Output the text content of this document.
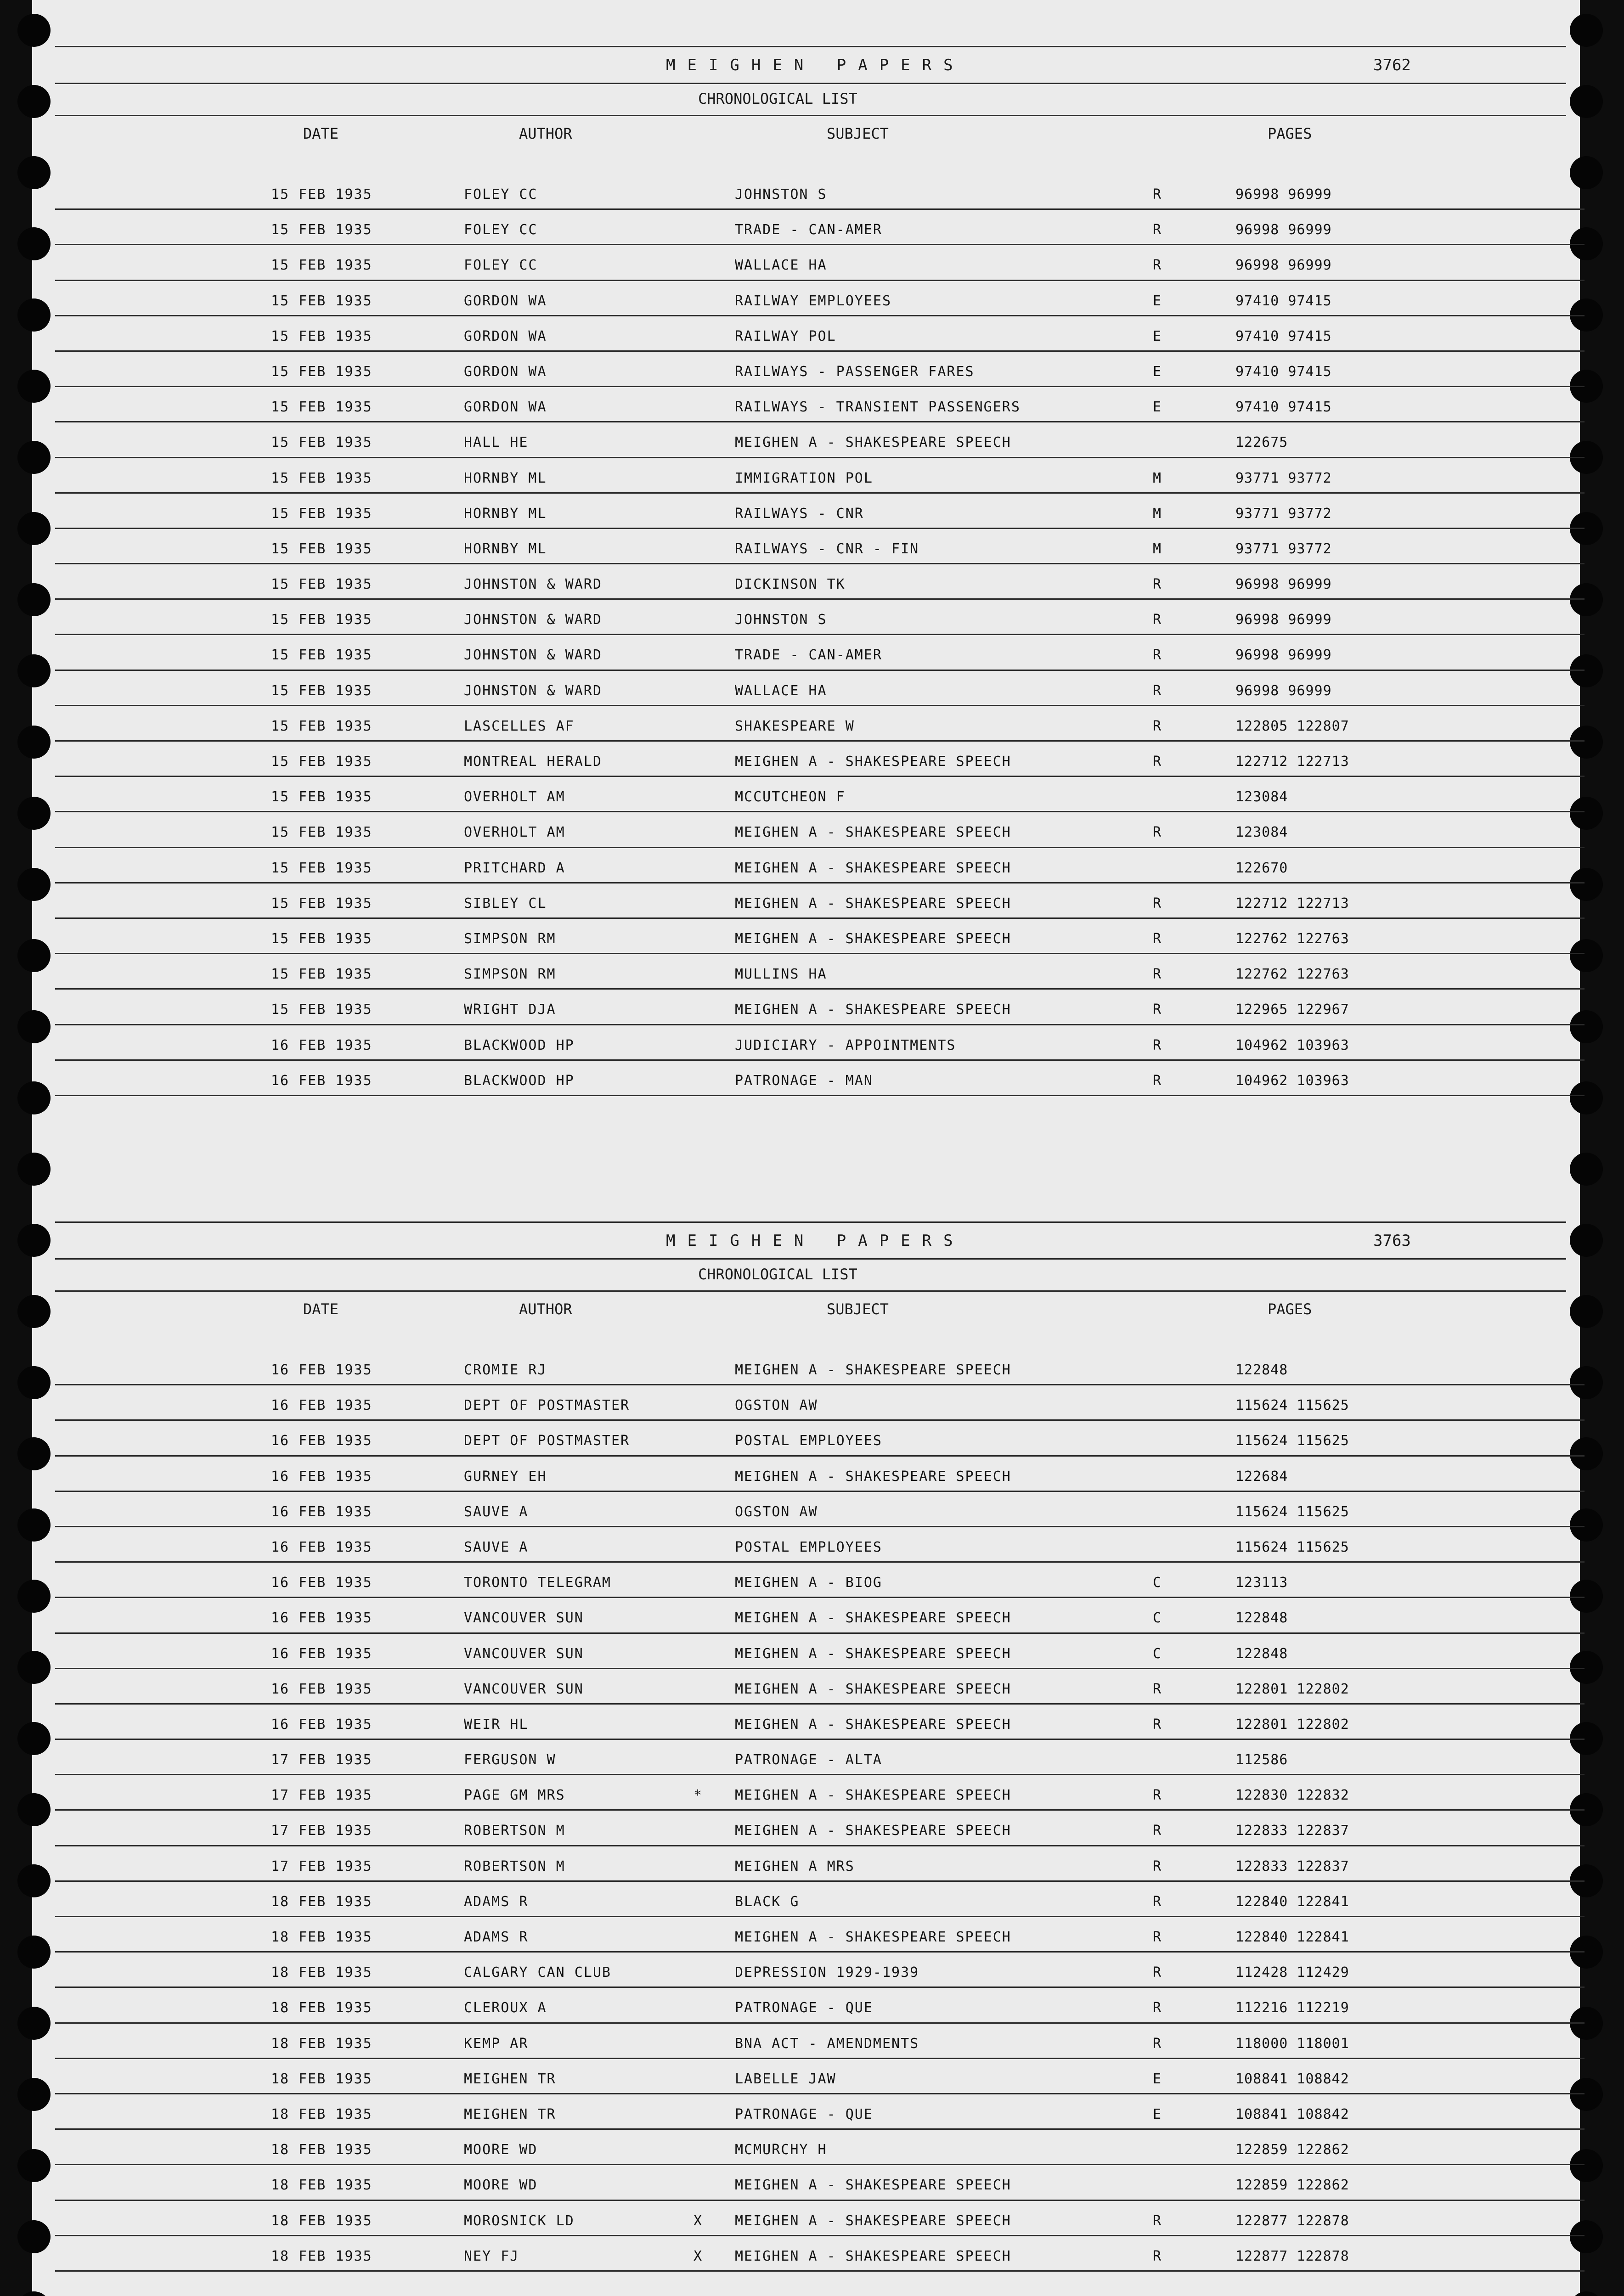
MEIGHEN PAPERS	3762
CHRONOLOGICAL LIST
DATE	AUTHOR	SUBJECT	PAGES
15 FEB 1935	FOLEY CC	JOHNSTON S	R	96998 96999
15 FEB 1935	FOLEY CC	TRADE - CAN-AMER	R	96998 96999
15 FEB 1935	FOLEY CC	WALLACE HA	R	96998 96999
15 FEB 1935	GORDON WA	RAILWAY EMPLOYEES	E	97410 97415
15 FEB 1935	GORDON WA	RAILWAY POL	E	97410 97415
15 FEB 1935	GORDON WA	RAILWAYS - PASSENGER FARES	E	97410 97415
15 FEB 1935	GORDON WA	RAILWAYS - TRANSIENT PASSENGERS	E	97410 97415
15 FEB 1935	HALL HE	MEIGHEN A - SHAKESPEARE SPEECH	122675
15 FEB 1935	HORNBY ML	IMMIGRATION POL	M	93771 93772
15 FEB 1935	HORNBY ML	RAILWAYS - CNR	M	93771 93772
15 FEB 1935	HORNBY ML	RAILWAYS - CNR - FIN	M	93771 93772
15 FEB 1935	JOHNSTON & WARD	DICKINSON TK	R	96998 96999
15 FEB 1935	JOHNSTON & WARD	JOHNSTON S	R	96998 96999
15 FEB 1935	JOHNSTON & WARD	TRADE - CAN-AMER	R	96998 96999
15 FEB 1935	JOHNSTON & WARD	WALLACE HA	R	96998 96999
15 FEB 1935	LASCELLES AF	SHAKESPEARE W	R	122805 122807
15 FEB 1935	MONTREAL HERALD	MEIGHEN A - SHAKESPEARE SPEECH	R	122712 122713
15 FEB 1935	OVERHOLT AM	MCCUTCHEON F	123084
15 FEB 1935	OVERHOLT AM	MEIGHEN A - SHAKESPEARE SPEECH	R	123084
15 FEB 1935	PRITCHARD A	MEIGHEN A - SHAKESPEARE SPEECH	122670
15 FEB 1935	SIBLEY CL	MEIGHEN A - SHAKESPEARE SPEECH	R	122712 122713
15 FEB 1935	SIMPSON RM	MEIGHEN A - SHAKESPEARE SPEECH	R	122762 122763
15 FEB 1935	SIMPSON RM	MULLINS HA	R	122762 122763
15 FEB 1935	WRIGHT DJA	MEIGHEN A - SHAKESPEARE SPEECH	R	122965 122967
16 FEB 1935	BLACKWOOD HP	JUDICIARY - APPOINTMENTS	R	104962 103963
16 FEB 1935	BLACKWOOD HP	PATRONAGE - MAN	R	104962 103963
MEIGHEN PAPERS	3763
CHRONOLOGICAL LIST
DATE	AUTHOR	SUBJECT	PAGES
16 FEB 1935	CROMIE RJ	MEIGHEN A - SHAKESPEARE SPEECH	122848
16 FEB 1935	DEPT OF POSTMASTER	OGSTON AW	115624 115625
16 FEB 1935	DEPT OF POSTMASTER	POSTAL EMPLOYEES	115624 115625
16 FEB 1935	GURNEY EH	MEIGHEN A - SHAKESPEARE SPEECH	122684
16 FEB 1935	SAUVE A	OGSTON AW	115624 115625
16 FEB 1935	SAUVE A	POSTAL EMPLOYEES	115624 115625
16 FEB 1935	TORONTO TELEGRAM	MEIGHEN A - BIOG	C	123113
16 FEB 1935	VANCOUVER SUN	MEIGHEN A - SHAKESPEARE SPEECH	C	122848
16 FEB 1935	VANCOUVER SUN	MEIGHEN A - SHAKESPEARE SPEECH	C	122848
16 FEB 1935	VANCOUVER SUN	MEIGHEN A - SHAKESPEARE SPEECH	R	122801 122802
16 FEB 1935	WEIR HL	MEIGHEN A - SHAKESPEARE SPEECH	R	122801 122802
17 FEB 1935	FERGUSON W	PATRONAGE - ALTA	112586
17 FEB 1935	PAGE GM MRS	* MEIGHEN A - SHAKESPEARE SPEECH	R	122830 122832
17 FEB 1935	ROBERTSON M	MEIGHEN A - SHAKESPEARE SPEECH	R	122833 122837
17 FEB 1935	ROBERTSON M	MEIGHEN A MRS	R	122833 122837
18 FEB 1935	ADAMS R	BLACK G	R	122840 122841
18 FEB 1935	ADAMS R	MEIGHEN A - SHAKESPEARE SPEECH	R	122840 122841
18 FEB 1935	CALGARY CAN CLUB	DEPRESSION 1929-1939	R	112428 112429
18 FEB 1935	CLEROUX A	PATRONAGE - QUE	R	112216 112219
18 FEB 1935	KEMP AR	BNA ACT - AMENDMENTS	R	118000 118001
18 FEB 1935	MEIGHEN TR	LABELLE JAW	E	108841 108842
18 FEB 1935	MEIGHEN TR	PATRONAGE - QUE	E	108841 108842
18 FEB 1935	MOORE WD	MCMURCHY H	122859 122862
18 FEB 1935	MOORE WD	MEIGHEN A - SHAKESPEARE SPEECH	122859 122862
18 FEB 1935	MOROSNICK LD	X MEIGHEN A - SHAKESPEARE SPEECH	R	122877 122878
18 FEB 1935	NEY FJ	X MEIGHEN A - SHAKESPEARE SPEECH	R	122877 122878
